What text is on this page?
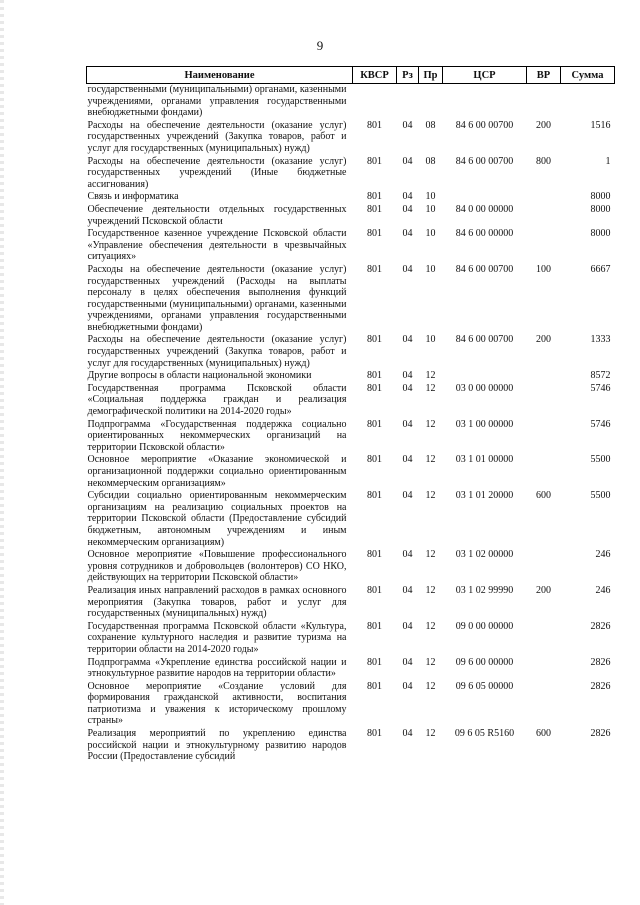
9
Наименование	КВСР	Рз	Пр	ЦСР	ВР	Сумма
государственными (муниципальными) органами, казенными учреждениями, органами управления государственными внебюджетными фондами)						
Расходы на обеспечение деятельности (оказание услуг) государственных учреждений (Закупка товаров, работ и услуг для государственных (муниципальных) нужд)	801	04	08	84 6 00 00700	200	1516
Расходы на обеспечение деятельности (оказание услуг) государственных учреждений (Иные бюджетные ассигнования)	801	04	08	84 6 00 00700	800	1
Связь и информатика	801	04	10			8000
Обеспечение деятельности отдельных государственных учреждений Псковской области	801	04	10	84 0 00 00000		8000
Государственное казенное учреждение Псковской области «Управление обеспечения деятельности в чрезвычайных ситуациях»	801	04	10	84 6 00 00000		8000
Расходы на обеспечение деятельности (оказание услуг) государственных учреждений (Расходы на выплаты персоналу в целях обеспечения выполнения функций государственными (муниципальными) органами, казенными учреждениями, органами управления государственными внебюджетными фондами)	801	04	10	84 6 00 00700	100	6667
Расходы на обеспечение деятельности (оказание услуг) государственных учреждений (Закупка товаров, работ и услуг для государственных (муниципальных) нужд)	801	04	10	84 6 00 00700	200	1333
Другие вопросы в области национальной экономики	801	04	12			8572
Государственная программа Псковской области «Социальная поддержка граждан и реализация демографической политики на 2014-2020 годы»	801	04	12	03 0 00 00000		5746
Подпрограмма «Государственная поддержка социально ориентированных некоммерческих организаций на территории Псковской области»	801	04	12	03 1 00 00000		5746
Основное мероприятие «Оказание экономической и организационной поддержки социально ориентированным некоммерческим организациям»	801	04	12	03 1 01 00000		5500
Субсидии социально ориентированным некоммерческим организациям на реализацию социальных проектов на территории Псковской области (Предоставление субсидий бюджетным, автономным учреждениям и иным некоммерческим организациям)	801	04	12	03 1 01 20000	600	5500
Основное мероприятие «Повышение профессионального уровня сотрудников и добровольцев (волонтеров) СО НКО, действующих на территории Псковской области»	801	04	12	03 1 02 00000		246
Реализация иных направлений расходов в рамках основного мероприятия (Закупка товаров, работ и услуг для государственных (муниципальных) нужд)	801	04	12	03 1 02 99990	200	246
Государственная программа Псковской области «Культура, сохранение культурного наследия и развитие туризма на территории области на 2014-2020 годы»	801	04	12	09 0 00 00000		2826
Подпрограмма «Укрепление единства российской нации и этнокультурное развитие народов на территории области»	801	04	12	09 6 00 00000		2826
Основное мероприятие «Создание условий для формирования гражданской активности, воспитания патриотизма и уважения к историческому прошлому страны»	801	04	12	09 6 05 00000		2826
Реализация мероприятий по укреплению единства российской нации и этнокультурному развитию народов России (Предоставление субсидий	801	04	12	09 6 05 R5160	600	2826
